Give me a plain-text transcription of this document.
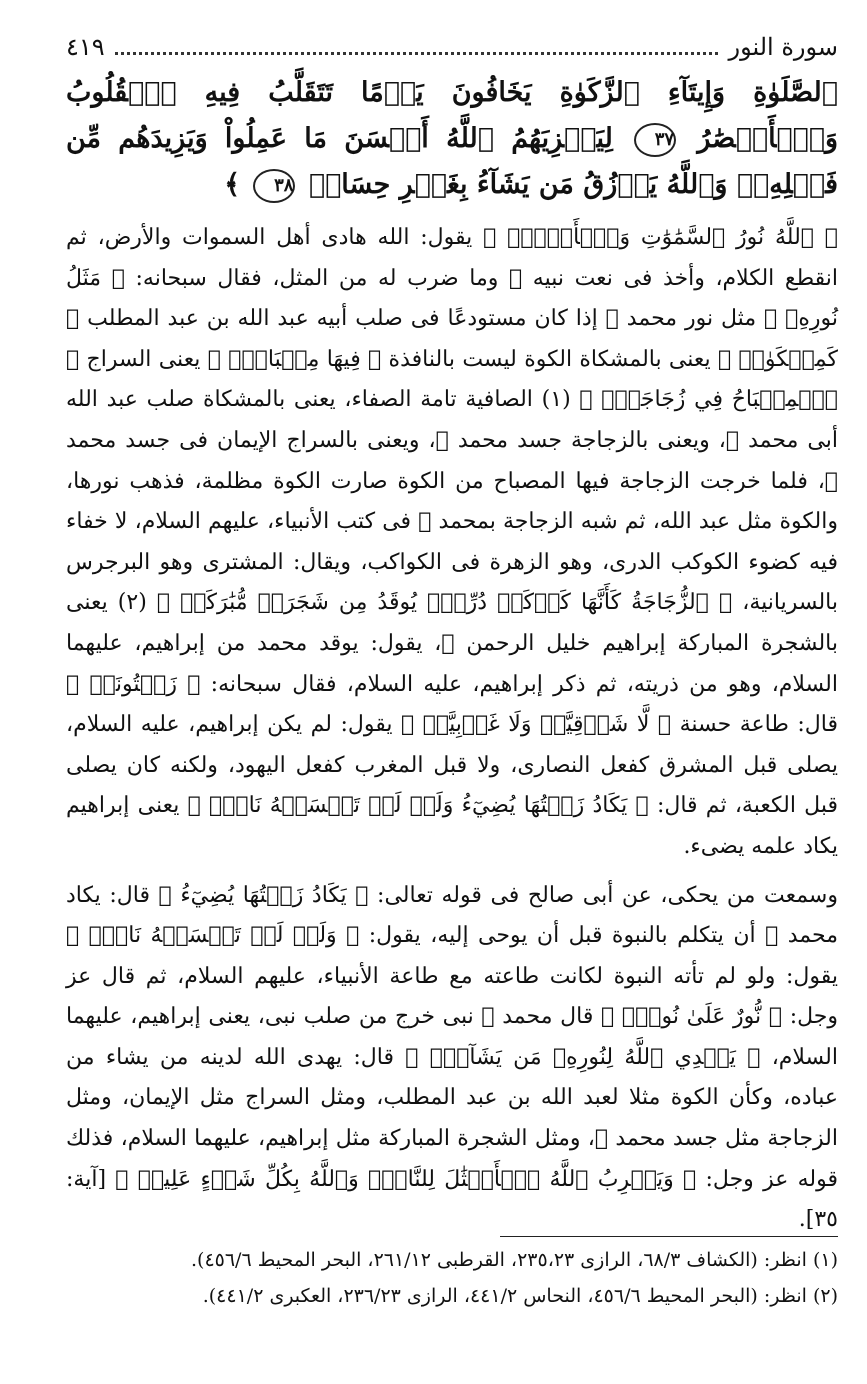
سورة النور
٤١٩
ٱلصَّلَوٰةِ وَإِيتَآءِ ٱلزَّكَوٰةِ يَخَافُونَ يَوۡمًا تَتَقَلَّبُ فِيهِ ٱلۡقُلُوبُ وَٱلۡأَبۡصَٰرُ ٣٧ لِيَجۡزِيَهُمُ ٱللَّهُ أَحۡسَنَ مَا عَمِلُواْ وَيَزِيدَهُم مِّن فَضۡلِهِۦۗ وَٱللَّهُ يَرۡزُقُ مَن يَشَآءُ بِغَيۡرِ حِسَابٖ ٣٨ ﴾

﴿ ٱللَّهُ نُورُ ٱلسَّمَٰوَٰتِ وَٱلۡأَرۡضِۚ ﴾ يقول: الله هادى أهل السموات والأرض، ثم انقطع الكلام، وأخذ فى نعت نبيه ﷺ وما ضرب له من المثل، فقال سبحانه: ﴿ مَثَلُ نُورِهِۦ ﴾ مثل نور محمد ﷺ إذا كان مستودعًا فى صلب أبيه عبد الله بن عبد المطلب ﴿ كَمِشۡكَوٰةٖ ﴾ يعنى بالمشكاة الكوة ليست بالنافذة ﴿ فِيهَا مِصۡبَاحٌۖ ﴾ يعنى السراج ﴿ ٱلۡمِصۡبَاحُ فِي زُجَاجَةٍۖ ﴾ (١) الصافية تامة الصفاء، يعنى بالمشكاة صلب عبد الله أبى محمد ﷺ، ويعنى بالزجاجة جسد محمد ﷺ، ويعنى بالسراج الإيمان فى جسد محمد ﷺ، فلما خرجت الزجاجة فيها المصباح من الكوة صارت الكوة مظلمة، فذهب نورها، والكوة مثل عبد الله، ثم شبه الزجاجة بمحمد ﷺ فى كتب الأنبياء، عليهم السلام، لا خفاء فيه كضوء الكوكب الدرى، وهو الزهرة فى الكواكب، ويقال: المشترى وهو البرجرس بالسريانية، ﴿ ٱلزُّجَاجَةُ كَأَنَّهَا كَوۡكَبٞ دُرِّيّٞ يُوقَدُ مِن شَجَرَةٖ مُّبَٰرَكَةٖ ﴾ (٢) يعنى بالشجرة المباركة إبراهيم خليل الرحمن ﷺ، يقول: يوقد محمد من إبراهيم، عليهما السلام، وهو من ذريته، ثم ذكر إبراهيم، عليه السلام، فقال سبحانه: ﴿ زَيۡتُونَةٖ ﴾ قال: طاعة حسنة ﴿ لَّا شَرۡقِيَّةٖ وَلَا غَرۡبِيَّةٖ ﴾ يقول: لم يكن إبراهيم، عليه السلام، يصلى قبل المشرق كفعل النصارى، ولا قبل المغرب كفعل اليهود، ولكنه كان يصلى قبل الكعبة، ثم قال: ﴿ يَكَادُ زَيۡتُهَا يُضِيٓءُ وَلَوۡ لَمۡ تَمۡسَسۡهُ نَارٞۚ ﴾ يعنى إبراهيم يكاد علمه يضىء.

وسمعت من يحكى، عن أبى صالح فى قوله تعالى: ﴿ يَكَادُ زَيۡتُهَا يُضِيٓءُ ﴾ قال: يكاد محمد ﷺ أن يتكلم بالنبوة قبل أن يوحى إليه، يقول: ﴿ وَلَوۡ لَمۡ تَمۡسَسۡهُ نَارٞۚ ﴾ يقول: ولو لم تأته النبوة لكانت طاعته مع طاعة الأنبياء، عليهم السلام، ثم قال عز وجل: ﴿ نُّورٌ عَلَىٰ نُورٖۚ ﴾ قال محمد ﷺ نبى خرج من صلب نبى، يعنى إبراهيم، عليهما السلام، ﴿ يَهۡدِي ٱللَّهُ لِنُورِهِۦ مَن يَشَآءُۚ ﴾ قال: يهدى الله لدينه من يشاء من عباده، وكأن الكوة مثلا لعبد الله بن عبد المطلب، ومثل السراج مثل الإيمان، ومثل الزجاجة مثل جسد محمد ﷺ، ومثل الشجرة المباركة مثل إبراهيم، عليهما السلام، فذلك قوله عز وجل: ﴿ وَيَضۡرِبُ ٱللَّهُ ٱلۡأَمۡثَٰلَ لِلنَّاسِۗ وَٱللَّهُ بِكُلِّ شَيۡءٍ عَلِيمٞ ﴾ [آية: ٣٥].

(١) انظر: (الكشاف ٦٨/٣، الرازى ٢٣٥،٢٣، القرطبى ٢٦١/١٢، البحر المحيط ٤٥٦/٦).

(٢) انظر: (البحر المحيط ٤٥٦/٦، النحاس ٤٤١/٢، الرازى ٢٣٦/٢٣، العكبرى ٤٤١/٢).
